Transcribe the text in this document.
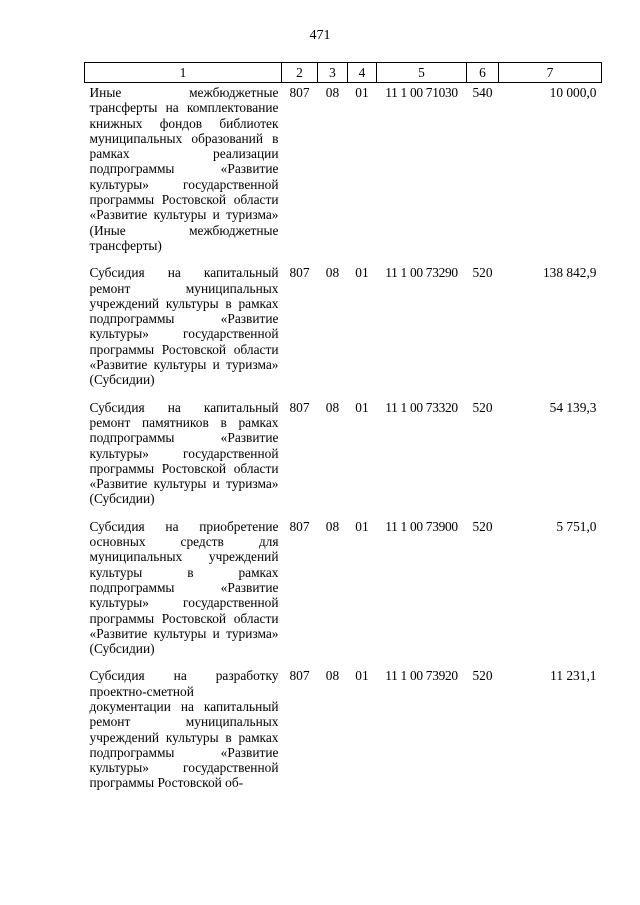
471
1	2	3	4	5	6	7
Иные межбюджетные трансферты на комплектование книжных фондов библиотек муниципальных образований в рамках реализации подпрограммы «Развитие культуры» государственной программы Ростовской области «Развитие культуры и туризма» (Иные межбюджетные трансферты)	807	08	01	11 1 00 71030	540	10 000,0
Субсидия на капитальный ремонт муниципальных учреждений культуры в рамках подпрограммы «Развитие культуры» государственной программы Ростовской области «Развитие культуры и туризма» (Субсидии)	807	08	01	11 1 00 73290	520	138 842,9
Субсидия на капитальный ремонт памятников в рамках подпрограммы «Развитие культуры» государственной программы Ростовской области «Развитие культуры и туризма» (Субсидии)	807	08	01	11 1 00 73320	520	54 139,3
Субсидия на приобретение основных средств для муниципальных учреждений культуры в рамках подпрограммы «Развитие культуры» государственной программы Ростовской области «Развитие культуры и туризма» (Субсидии)	807	08	01	11 1 00 73900	520	5 751,0
Субсидия на разработку проектно-сметной документации на капитальный ремонт муниципальных учреждений культуры в рамках подпрограммы «Развитие культуры» государственной программы Ростовской об-	807	08	01	11 1 00 73920	520	11 231,1
